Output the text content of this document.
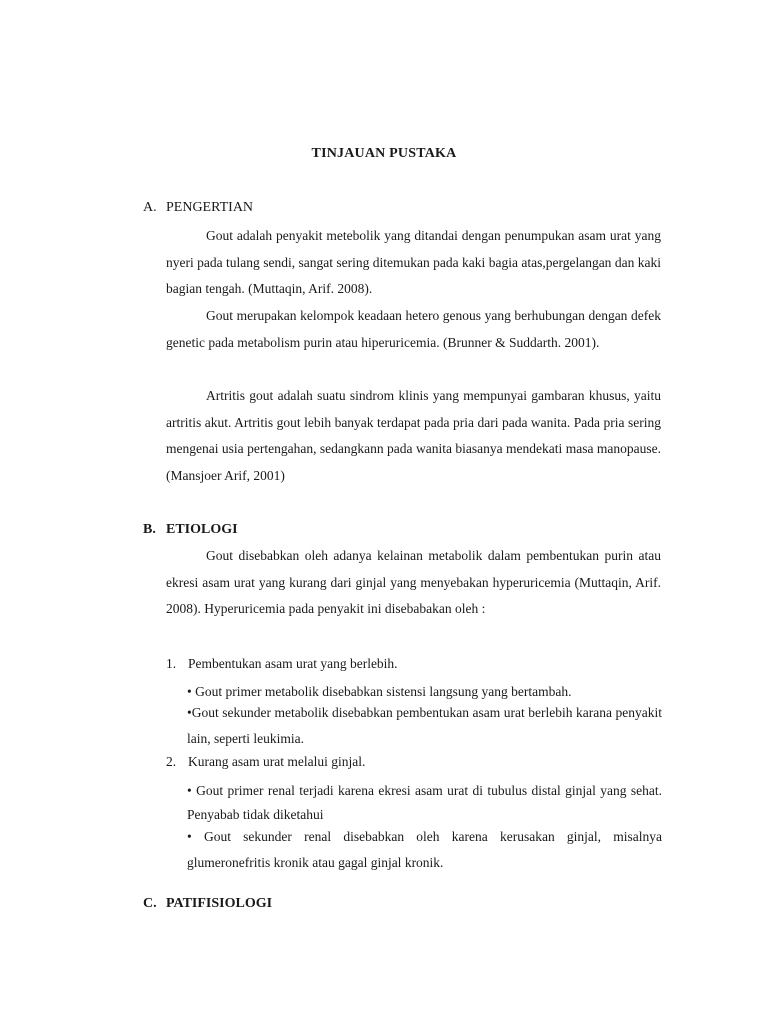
TINJAUAN PUSTAKA
A. PENGERTIAN
Gout adalah penyakit metebolik yang ditandai dengan penumpukan asam urat yang nyeri pada tulang sendi, sangat sering ditemukan pada kaki bagia atas,pergelangan dan kaki bagian tengah. (Muttaqin, Arif. 2008).
Gout merupakan kelompok keadaan hetero genous yang berhubungan dengan defek genetic pada metabolism purin atau hiperuricemia. (Brunner & Suddarth. 2001).
Artritis gout adalah suatu sindrom klinis yang mempunyai gambaran khusus, yaitu artritis akut. Artritis gout lebih banyak terdapat pada pria dari pada wanita. Pada pria sering mengenai usia pertengahan, sedangkann pada wanita biasanya mendekati masa manopause. (Mansjoer Arif, 2001)
B. ETIOLOGI
Gout disebabkan oleh adanya kelainan metabolik dalam pembentukan purin atau ekresi asam urat yang kurang dari ginjal yang menyebakan hyperuricemia (Muttaqin, Arif. 2008). Hyperuricemia pada penyakit ini disebabakan oleh :
1. Pembentukan asam urat yang berlebih.
• Gout primer metabolik disebabkan sistensi langsung yang bertambah.
•Gout sekunder metabolik disebabkan pembentukan asam urat berlebih karana penyakit lain, seperti leukimia.
2. Kurang asam urat melalui ginjal.
• Gout primer renal terjadi karena ekresi asam urat di tubulus distal ginjal yang sehat. Penyabab tidak diketahui
• Gout sekunder renal disebabkan oleh karena kerusakan ginjal, misalnya glumeronefritis kronik atau gagal ginjal kronik.
C. PATIFISIOLOGI
